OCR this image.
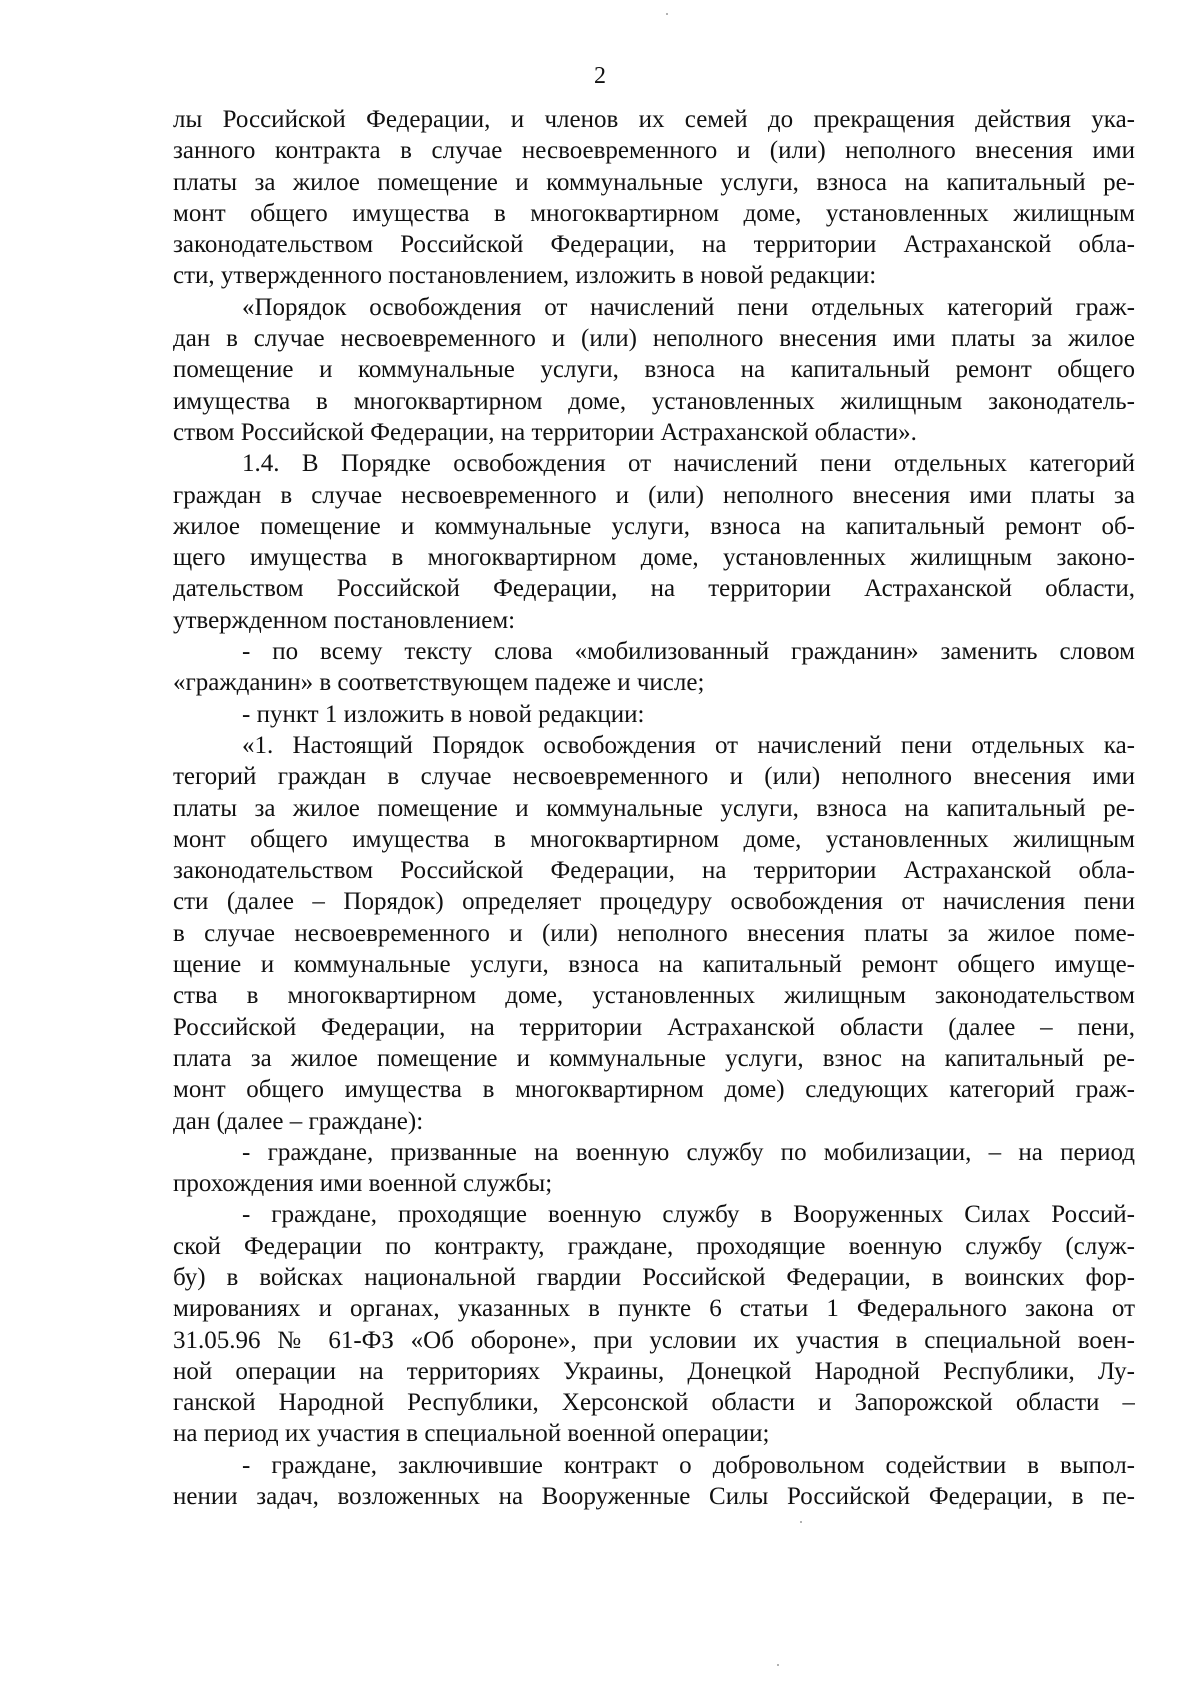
2
лы Российской Федерации, и членов их семей до прекращения действия ука-
занного контракта в случае несвоевременного и (или) неполного внесения ими
платы за жилое помещение и коммунальные услуги, взноса на капитальный ре-
монт общего имущества в многоквартирном доме, установленных жилищным
законодательством Российской Федерации, на территории Астраханской обла-
сти, утвержденного постановлением, изложить в новой редакции:
«Порядок освобождения от начислений пени отдельных категорий граж-
дан в случае несвоевременного и (или) неполного внесения ими платы за жилое
помещение и коммунальные услуги, взноса на капитальный ремонт общего
имущества в многоквартирном доме, установленных жилищным законодатель-
ством Российской Федерации, на территории Астраханской области».
1.4. В Порядке освобождения от начислений пени отдельных категорий
граждан в случае несвоевременного и (или) неполного внесения ими платы за
жилое помещение и коммунальные услуги, взноса на капитальный ремонт об-
щего имущества в многоквартирном доме, установленных жилищным законо-
дательством Российской Федерации, на территории Астраханской области,
утвержденном постановлением:
- по всему тексту слова «мобилизованный гражданин» заменить словом
«гражданин» в соответствующем падеже и числе;
- пункт 1 изложить в новой редакции:
«1. Настоящий Порядок освобождения от начислений пени отдельных ка-
тегорий граждан в случае несвоевременного и (или) неполного внесения ими
платы за жилое помещение и коммунальные услуги, взноса на капитальный ре-
монт общего имущества в многоквартирном доме, установленных жилищным
законодательством Российской Федерации, на территории Астраханской обла-
сти (далее – Порядок) определяет процедуру освобождения от начисления пени
в случае несвоевременного и (или) неполного внесения платы за жилое поме-
щение и коммунальные услуги, взноса на капитальный ремонт общего имуще-
ства в многоквартирном доме, установленных жилищным законодательством
Российской Федерации, на территории Астраханской области (далее – пени,
плата за жилое помещение и коммунальные услуги, взнос на капитальный ре-
монт общего имущества в многоквартирном доме) следующих категорий граж-
дан (далее – граждане):
- граждане, призванные на военную службу по мобилизации, – на период
прохождения ими военной службы;
- граждане, проходящие военную службу в Вооруженных Силах Россий-
ской Федерации по контракту, граждане, проходящие военную службу (служ-
бу) в войсках национальной гвардии Российской Федерации, в воинских фор-
мированиях и органах, указанных в пункте 6 статьи 1 Федерального закона от
31.05.96 № 61-ФЗ «Об обороне», при условии их участия в специальной воен-
ной операции на территориях Украины, Донецкой Народной Республики, Лу-
ганской Народной Республики, Херсонской области и Запорожской области –
на период их участия в специальной военной операции;
- граждане, заключившие контракт о добровольном содействии в выпол-
нении задач, возложенных на Вооруженные Силы Российской Федерации, в пе-
